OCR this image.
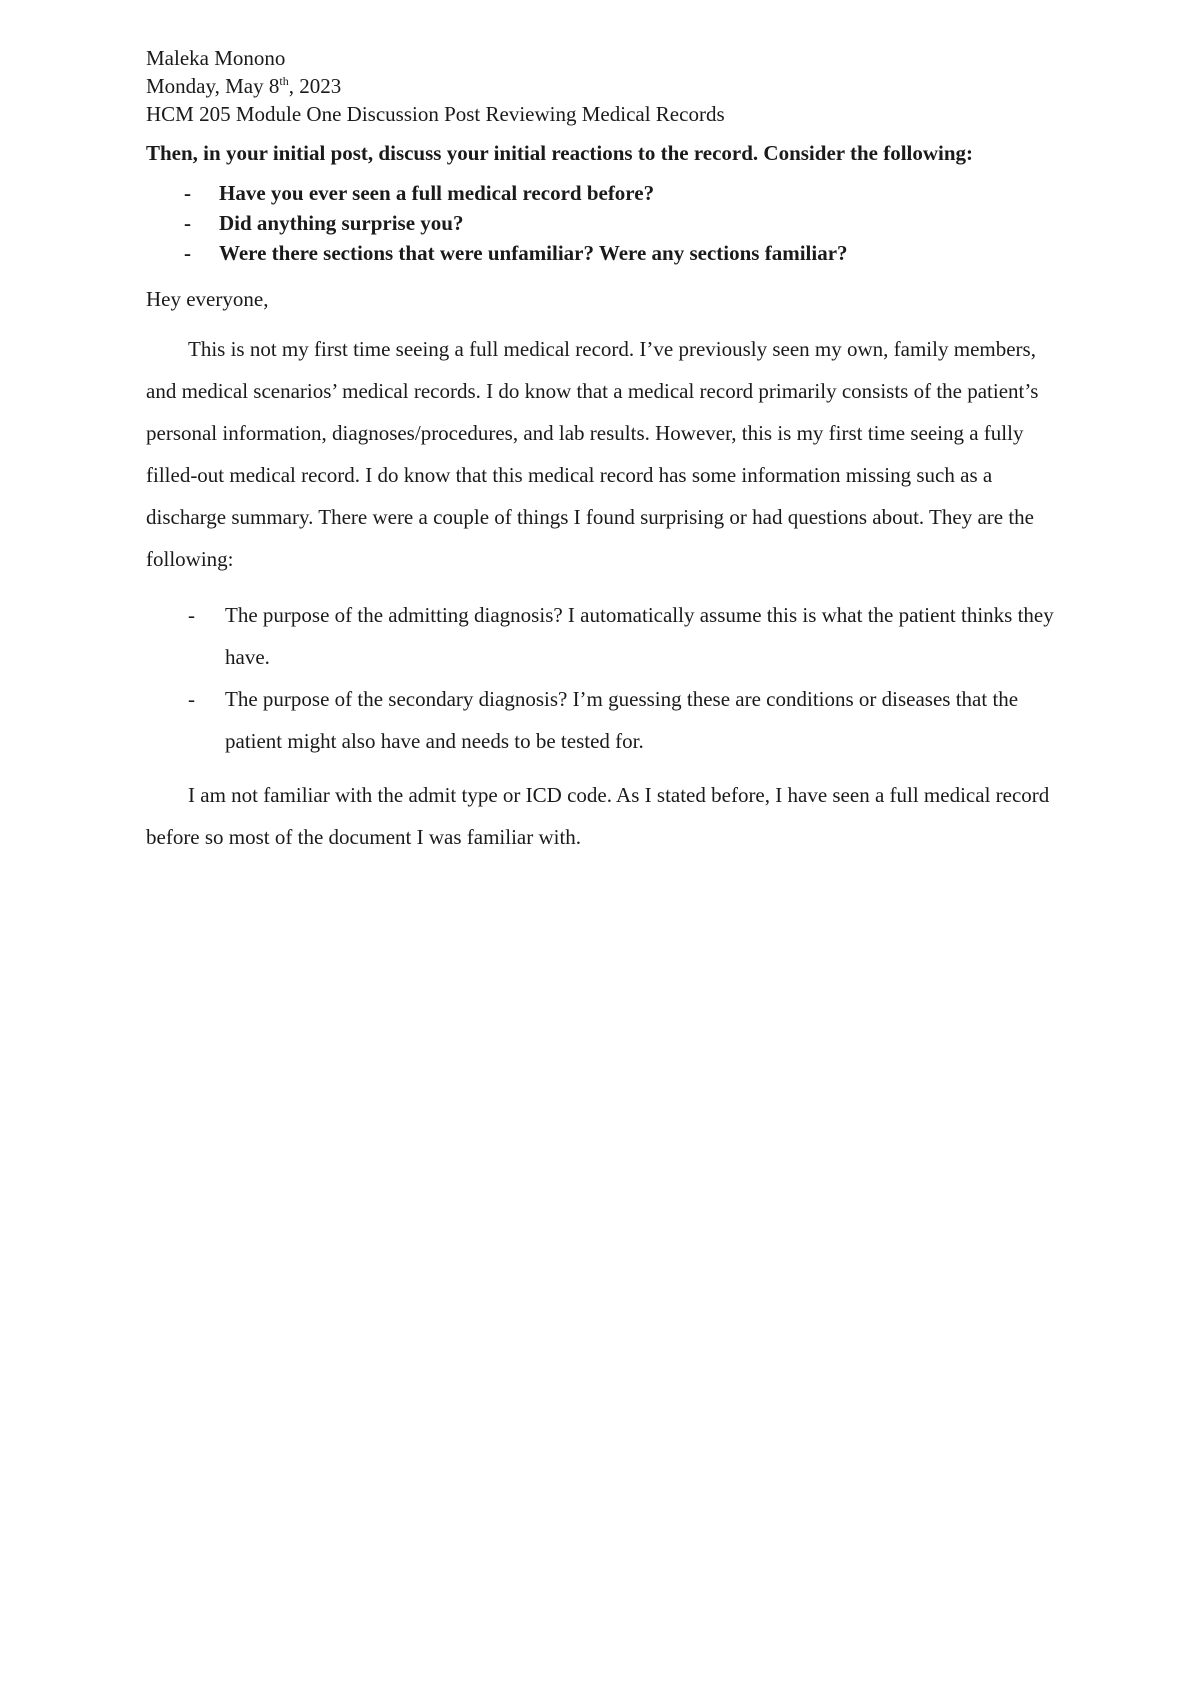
Maleka Monono

Monday, May 8th, 2023

HCM 205 Module One Discussion Post Reviewing Medical Records

Then, in your initial post, discuss your initial reactions to the record. Consider the following:

- Have you ever seen a full medical record before?
- Did anything surprise you?
- Were there sections that were unfamiliar? Were any sections familiar?

Hey everyone,

This is not my first time seeing a full medical record. I’ve previously seen my own, family members, and medical scenarios’ medical records. I do know that a medical record primarily consists of the patient’s personal information, diagnoses/procedures, and lab results. However, this is my first time seeing a fully filled-out medical record. I do know that this medical record has some information missing such as a discharge summary. There were a couple of things I found surprising or had questions about. They are the following:

- The purpose of the admitting diagnosis? I automatically assume this is what the patient thinks they have.
- The purpose of the secondary diagnosis? I’m guessing these are conditions or diseases that the patient might also have and needs to be tested for.

I am not familiar with the admit type or ICD code. As I stated before, I have seen a full medical record before so most of the document I was familiar with.
